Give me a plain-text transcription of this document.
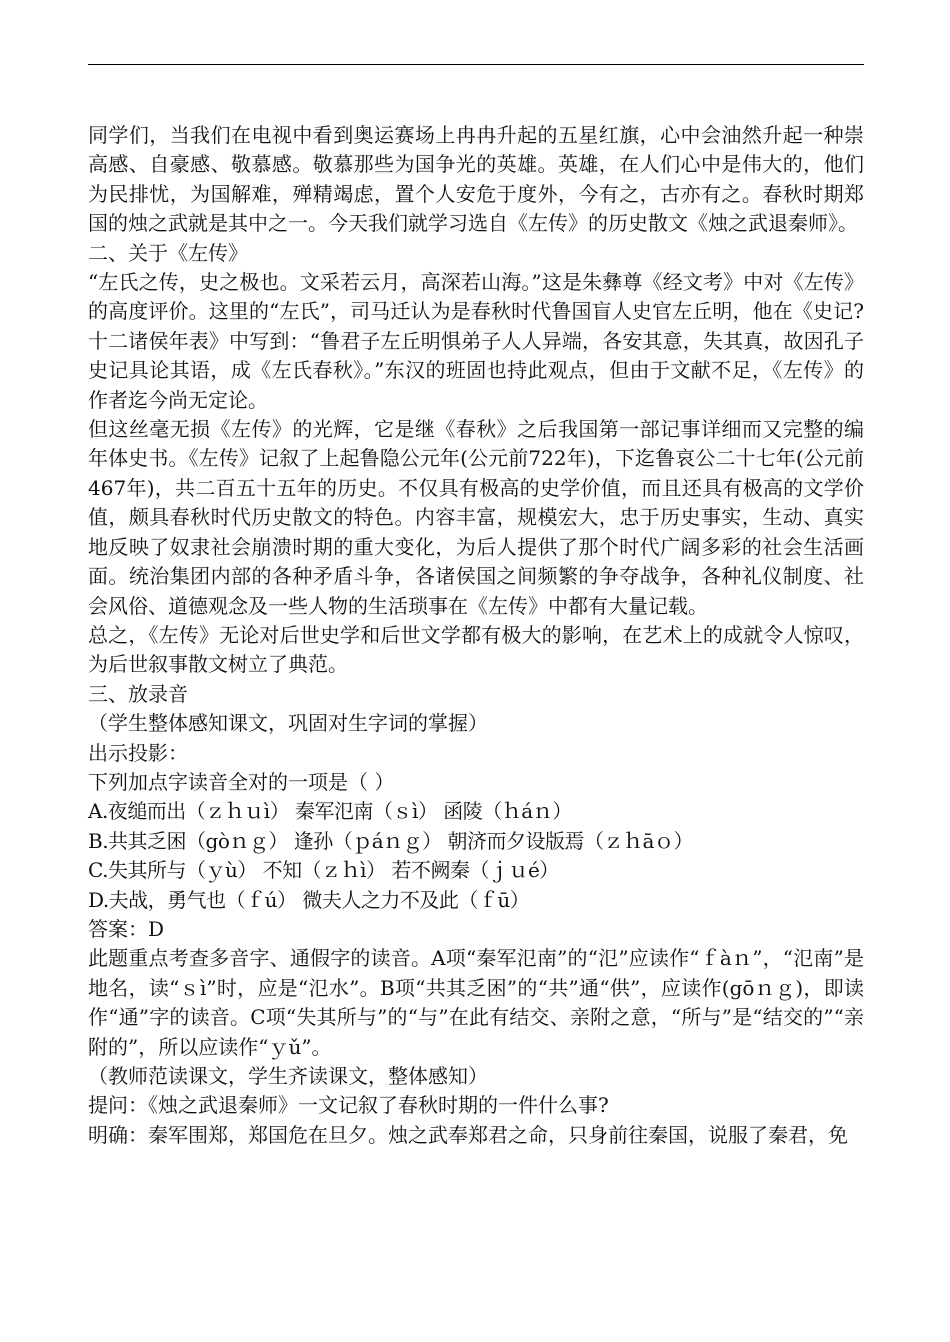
同学们，当我们在电视中看到奥运赛场上冉冉升起的五星红旗，心中会油然升起一种崇高感、自豪感、敬慕感。敬慕那些为国争光的英雄。英雄，在人们心中是伟大的，他们为民排忧，为国解难，殚精竭虑，置个人安危于度外，今有之，古亦有之。春秋时期郑国的烛之武就是其中之一。今天我们就学习选自《左传》的历史散文《烛之武退秦师》。

二、关于《左传》

“左氏之传，史之极也。文采若云月，高深若山海。”这是朱彝尊《经文考》中对《左传》的高度评价。这里的“左氏”，司马迁认为是春秋时代鲁国盲人史官左丘明，他在《史记?十二诸侯年表》中写到：“鲁君子左丘明惧弟子人人异端，各安其意，失其真，故因孔子史记具论其语，成《左氏春秋》。”东汉的班固也持此观点，但由于文献不足，《左传》的作者迄今尚无定论。

但这丝毫无损《左传》的光辉，它是继《春秋》之后我国第一部记事详细而又完整的编年体史书。《左传》记叙了上起鲁隐公元年(公元前722年)，下迄鲁哀公二十七年(公元前467年)，共二百五十五年的历史。不仅具有极高的史学价值，而且还具有极高的文学价值，颇具春秋时代历史散文的特色。内容丰富，规模宏大，忠于历史事实，生动、真实地反映了奴隶社会崩溃时期的重大变化，为后人提供了那个时代广阔多彩的社会生活画面。统治集团内部的各种矛盾斗争，各诸侯国之间频繁的争夺战争，各种礼仪制度、社会风俗、道德观念及一些人物的生活琐事在《左传》中都有大量记载。

总之，《左传》无论对后世史学和后世文学都有极大的影响，在艺术上的成就令人惊叹，为后世叙事散文树立了典范。

三、放录音

（学生整体感知课文，巩固对生字词的掌握）

出示投影：

下列加点字读音全对的一项是（ ）

A.夜缒而出（ｚｈｕì） 秦军氾南（ｓì） 函陵（ｈáｎ）

B.共其乏困（gòｎｇ） 逢孙（ｐáｎｇ） 朝济而夕设版焉（ｚｈāｏ）

C.失其所与（ｙù） 不知（ｚｈì） 若不阙秦（ｊｕé）

D.夫战，勇气也（ｆú） 微夫人之力不及此（ｆū）

答案：D

此题重点考查多音字、通假字的读音。A项“秦军氾南”的“氾”应读作“ｆàｎ”，“氾南”是地名，读“ｓì”时，应是“氾水”。B项“共其乏困”的“共”通“供”，应读作(gōｎｇ)，即读作“通”字的读音。C项“失其所与”的“与”在此有结交、亲附之意，“所与”是“结交的”“亲附的”，所以应读作“ｙǔ”。

（教师范读课文，学生齐读课文，整体感知）

提问：《烛之武退秦师》一文记叙了春秋时期的一件什么事?

明确：秦军围郑，郑国危在旦夕。烛之武奉郑君之命，只身前往秦国，说服了秦君，免
